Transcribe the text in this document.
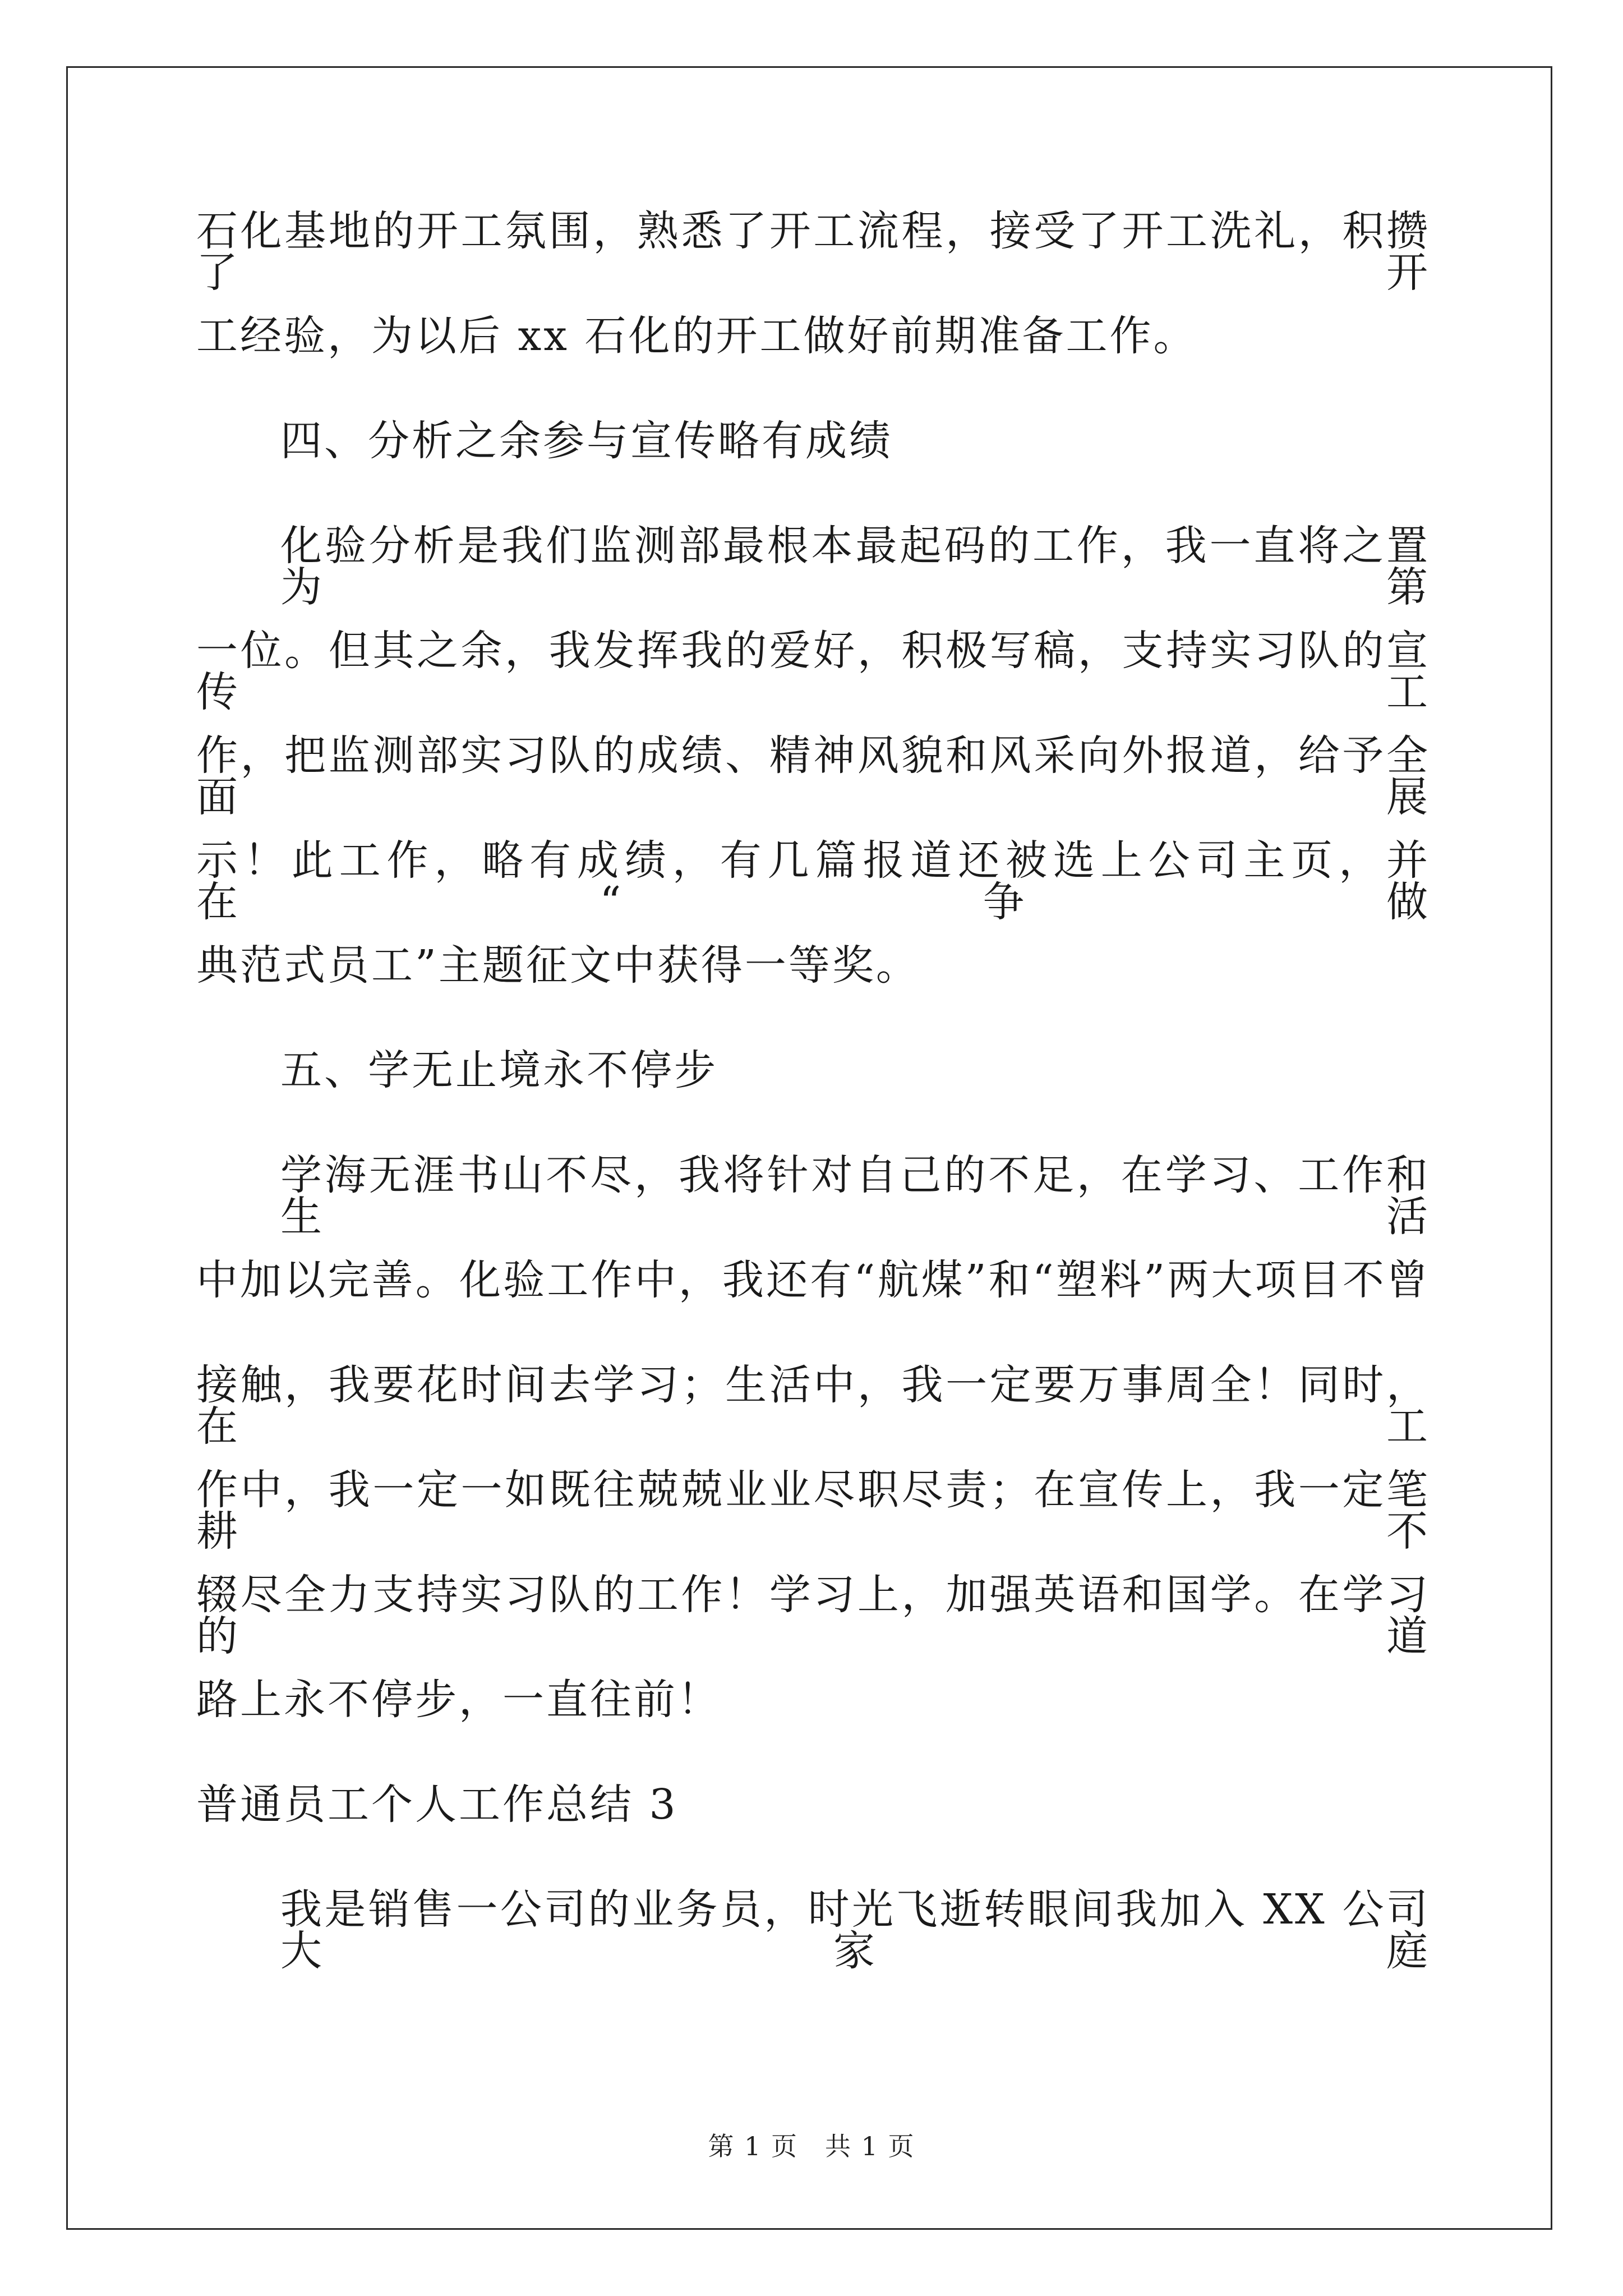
石化基地的开工氛围，熟悉了开工流程，接受了开工洗礼，积攒了开
工经验，为以后 xx 石化的开工做好前期准备工作。
四、分析之余参与宣传略有成绩
化验分析是我们监测部最根本最起码的工作，我一直将之置为第
一位。但其之余，我发挥我的爱好，积极写稿，支持实习队的宣传工
作，把监测部实习队的成绩、精神风貌和风采向外报道，给予全面展
示！此工作，略有成绩，有几篇报道还被选上公司主页，并在“争做
典范式员工”主题征文中获得一等奖。
五、学无止境永不停步
学海无涯书山不尽，我将针对自己的不足，在学习、工作和生活
中加以完善。化验工作中，我还有“航煤”和“塑料”两大项目不曾
接触，我要花时间去学习；生活中，我一定要万事周全！同时，在工
作中，我一定一如既往兢兢业业尽职尽责；在宣传上，我一定笔耕不
辍尽全力支持实习队的工作！学习上，加强英语和国学。在学习的道
路上永不停步，一直往前！
普通员工个人工作总结 3
我是销售一公司的业务员，时光飞逝转眼间我加入 XX 公司大家庭
第 1 页　共 1 页
